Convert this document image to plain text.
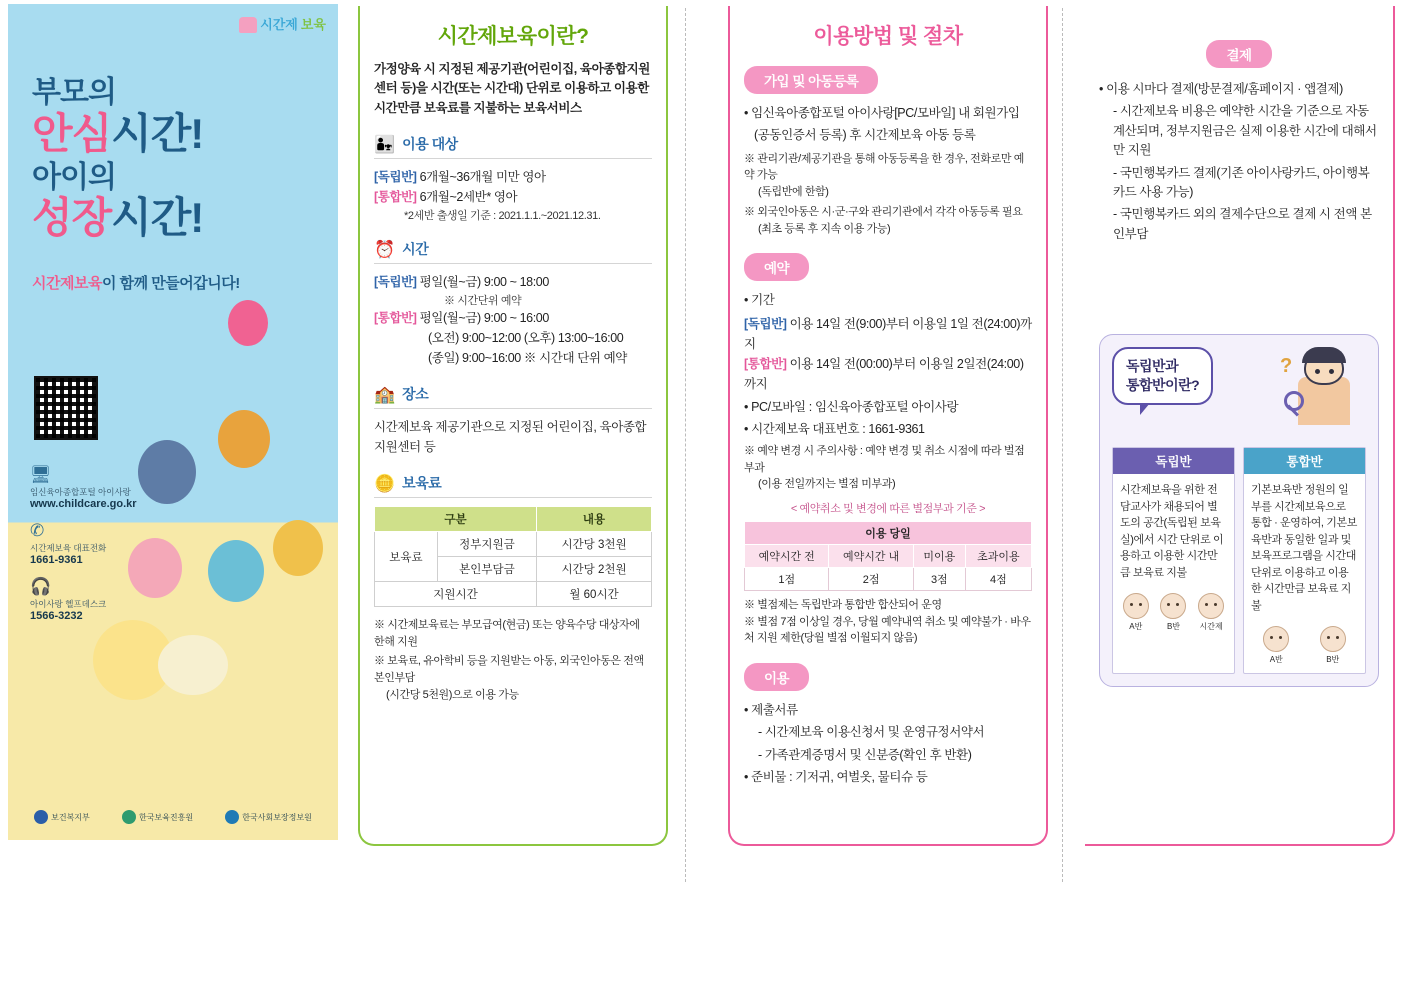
시간제 보육
부모의
안심시간!
아이의
성장시간!
시간제보육이 함께 만들어갑니다!
🖥
임신육아종합포털 아이사랑
www.childcare.go.kr
✆
시간제보육 대표전화
1661-9361
🎧
아이사랑 헬프데스크
1566-3232
보건복지부	한국보육진흥원	한국사회보장정보원
시간제보육이란?
가정양육 시 지정된 제공기관(어린이집, 육아종합지원센터 등)을 시간(또는 시간대) 단위로 이용하고 이용한 시간만큼 보육료를 지불하는 보육서비스
👨‍👧 이용 대상
[독립반] 6개월~36개월 미만 영아
[통합반] 6개월~2세반* 영아
*2세반 출생일 기준 : 2021.1.1.~2021.12.31.
⏰ 시간
[독립반] 평일(월~금) 9:00 ~ 18:00
※ 시간단위 예약
[통합반] 평일(월~금) 9:00 ~ 16:00
(오전) 9:00~12:00 (오후) 13:00~16:00
(종일) 9:00~16:00 ※ 시간대 단위 예약
🏫 장소
시간제보육 제공기관으로 지정된 어린이집, 육아종합지원센터 등
🪙 보육료
구분		내용
보육료	정부지원금	시간당 3천원
	본인부담금	시간당 2천원
지원시간		월 60시간
※ 시간제보육료는 부모급여(현금) 또는 양육수당 대상자에 한해 지원
※ 보육료, 유아학비 등을 지원받는 아동, 외국인아동은 전액 본인부담
(시간당 5천원)으로 이용 가능
이용방법 및 절차
가입 및 아동등록
• 임신육아종합포털 아이사랑[PC/모바일] 내 회원가입
(공동인증서 등록) 후 시간제보육 아동 등록
※ 관리기관/제공기관을 통해 아동등록을 한 경우, 전화로만 예약 가능
(독립반에 한함)
※ 외국인아동은 시·군·구와 관리기관에서 각각 아동등록 필요
(최초 등록 후 지속 이용 가능)
예약
• 기간
[독립반] 이용 14일 전(9:00)부터 이용일 1일 전(24:00)까지
[통합반] 이용 14일 전(00:00)부터 이용일 2일전(24:00)까지
• PC/모바일 : 임신육아종합포털 아이사랑
• 시간제보육 대표번호 : 1661-9361
※ 예약 변경 시 주의사항 : 예약 변경 및 취소 시점에 따라 벌점 부과
(이용 전일까지는 별점 미부과)
< 예약취소 및 변경에 따른 별점부과 기준 >
이용 당일			
예약시간 전	예약시간 내	미이용	초과이용
1점	2점	3점	4점
※ 별점제는 독립반과 통합반 합산되어 운영
※ 별점 7점 이상일 경우, 당월 예약내역 취소 및 예약불가 · 바우처 지원 제한(당월 별점 이월되지 않음)
이용
• 제출서류
- 시간제보육 이용신청서 및 운영규정서약서
- 가족관계증명서 및 신분증(확인 후 반환)
• 준비물 : 기저귀, 여벌옷, 물티슈 등
결제
• 이용 시마다 결제(방문결제/홈페이지 · 앱결제)
- 시간제보육 비용은 예약한 시간을 기준으로 자동 계산되며, 정부지원금은 실제 이용한 시간에 대해서만 지원
- 국민행복카드 결제(기존 아이사랑카드, 아이행복카드 사용 가능)
- 국민행복카드 외의 결제수단으로 결제 시 전액 본인부담
독립반과
통합반이란?
?
독립반
시간제보육을 위한 전담교사가 채용되어 별도의 공간(독립된 보육실)에서 시간 단위로 이용하고 이용한 시간만큼 보육료 지불
A반	B반	시간제
통합반
기본보육반 정원의 일부를 시간제보육으로 통합 · 운영하여, 기본보육반과 동일한 일과 및 보육프로그램을 시간대 단위로 이용하고 이용한 시간만큼 보육료 지불
A반	B반
